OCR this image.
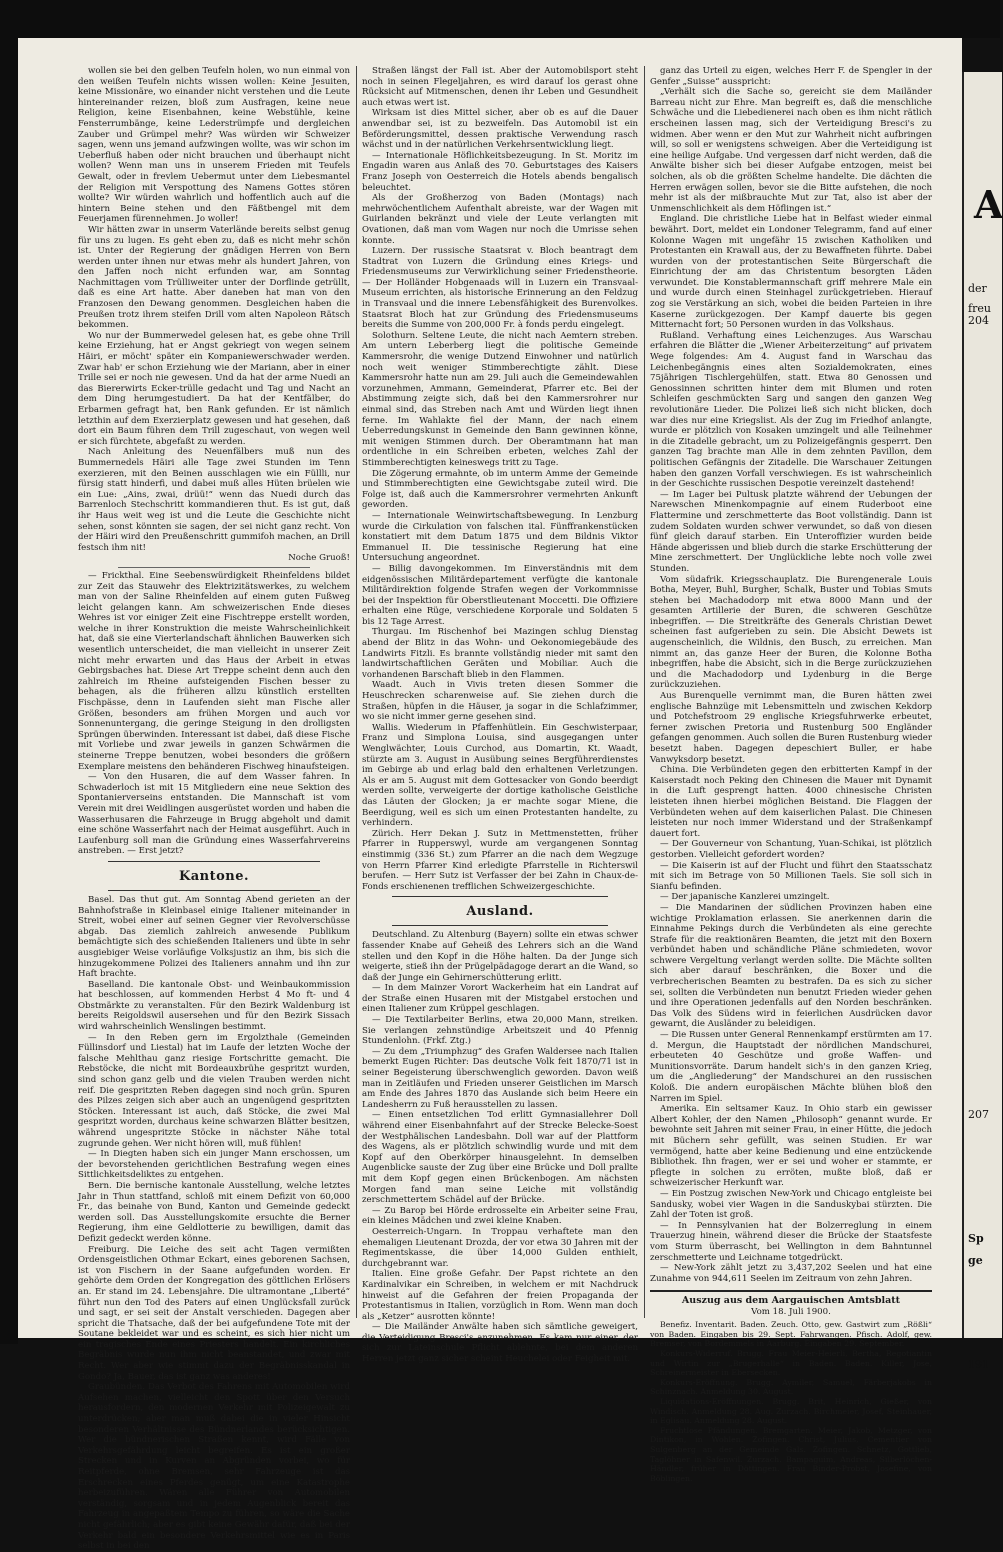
A
der
freu
204
207
Sp
ge
191

wollen sie bei den gelben Teufeln holen, wo nun einmal von den weißen Teufeln nichts wissen wollen: Keine Jesuiten, keine Missionäre, wo einander nicht verstehen und die Leute hintereinander reizen, bloß zum Ausfragen, keine neue Religion, keine Eisenbahnen, keine Webstühle, keine Fensterrumbänge, keine Lederstrümpfe und dergleichen Zauber und Grümpel mehr? Was würden wir Schweizer sagen, wenn uns jemand aufzwingen wollte, was wir schon im Ueberfluß haben oder nicht brauchen und überhaupt nicht wollen? Wenn man uns in unserem Frieden mit Teufels Gewalt, oder in frevlem Uebermut unter dem Liebesmantel der Religion mit Verspottung des Namens Gottes stören wollte? Wir würden wahrlich und hoffentlich auch auf die hintern Beine stehen und den Fäßtbengel mit dem Feuerjamen fürennehmen. Jo woller!

Wir hätten zwar in unserm Vaterlände bereits selbst genug für uns zu lugen. Es geht eben zu, daß es nicht mehr schön ist. Unter der Regierung der gnädigen Herren von Bern werden unter ihnen nur etwas mehr als hundert Jahren, von den Jaffen noch nicht erfunden war, am Sonntag Nachmittagen vom Trülliweiter unter der Dorflinde getrüllt, daß es eine Art hatte. Aber daneben hat man von den Franzosen den Dewang genommen. Desgleichen haben die Preußen trotz ihrem steifen Drill vom alten Napoleon Rätsch bekommen.

Wo nur der Bummerwedel gelesen hat, es gebe ohne Trill keine Erziehung, hat er Angst gekriegt von wegen seinem Häiri, er möcht' später ein Kompaniewerschwader werden. Zwar hab' er schon Erziehung wie der Mariann, aber in einer Trille sei er noch nie gewesen. Und da hat der arme Nuedi an das Biererwirts Ecker-trülle gedacht und Tag und Nacht an dem Ding herumgestudiert. Da hat der Kentfälber, do Erbarmen gefragt hat, ben Rank gefunden. Er ist nämlich letzthin auf dem Exerzierplatz gewesen und hat gesehen, daß dort ein Baum führen dem Trill zugeschaut, von wegen weil er sich fürchtete, abgefaßt zu werden.

Nach Anleitung des Neuenfälbers muß nun des Bummernedels Häiri alle Tage zwei Stunden im Tenn exerzieren, mit den Beinen ausschlagen wie ein Füllli, nur fürsig statt hinderfi, und dabei muß alles Hüten brüelen wie ein Lue: „Ains, zwai, drüü!“ wenn das Nuedi durch das Barrenloch Stechschritt kommandieren thut. Es ist gut, daß ihr Haus weit weg ist und die Leute die Geschichte nicht sehen, sonst könnten sie sagen, der sei nicht ganz recht. Von der Häiri wird den Preußenschritt gummifoh machen, an Drill festsch ihm nit!

Noche Gruoß!

— Frickthal. Eine Seebenswürdigkeit Rheinfeldens bildet zur Zeit das Stauwehr des Elektrizitätswerkes, zu welchem man von der Saline Rheinfelden auf einem guten Fußweg leicht gelangen kann. Am schweizerischen Ende dieses Wehres ist vor einiger Zeit eine Fischtreppe erstellt worden, welche in ihrer Konstruktion die meiste Wahrscheinlichkeit hat, daß sie eine Vierterlandschaft ähnlichen Bauwerken sich wesentlich unterscheidet, die man vielleicht in unserer Zeit nicht mehr erwarten und das Haus der Arbeit in etwas Gebirgsbaches hat. Diese Art Treppe scheint denn auch den zahlreich im Rheine aufsteigenden Fischen besser zu behagen, als die früheren allzu künstlich erstellten Fischpässe, denn in Laufenden sieht man Fische aller Größen, besonders am frühen Morgen und auch vor Sonnenuntergang, die geringe Steigung in den drolligsten Sprüngen überwinden. Interessant ist dabei, daß diese Fische mit Vorliebe und zwar jeweils in ganzen Schwärmen die steinerne Treppe benutzen, wobei besonders die größern Exemplare meistens den behänderen Fischweg hinaufsteigen.

— Von den Husaren, die auf dem Wasser fahren. In Schwaderloch ist mit 15 Mitgliedern eine neue Sektion des Spontanierverseins entstanden. Die Mannschaft ist vom Verein mit drei Weidlingen ausgerüstet worden und haben die Wasserhusaren die Fahrzeuge in Brugg abgeholt und damit eine schöne Wasserfahrt nach der Heimat ausgeführt. Auch in Laufenburg soll man die Gründung eines Wasserfahrvereins anstreben. — Erst jetzt?

Kantone.

Basel. Das thut gut. Am Sonntag Abend gerieten an der Bahnhofstraße in Kleinbasel einige Italiener miteinander in Streit, wobei einer auf seinen Gegner vier Revolverschüsse abgab. Das ziemlich zahlreich anwesende Publikum bemächtigte sich des schießenden Italieners und übte in sehr ausgiebiger Weise vorläufige Volksjustiz an ihm, bis sich die hinzugekommene Polizei des Italieners annahm und ihn zur Haft brachte.

Baselland. Die kantonale Obst- und Weinbaukommission hat beschlossen, auf kommenden Herbst 4 Mo ft- und 4 Obstmärkte zu veranstalten. Für den Bezirk Waldenburg ist bereits Reigoldswil ausersehen und für den Bezirk Sissach wird wahrscheinlich Wenslingen bestimmt.

— In den Reben gern im Ergolzthale (Gemeinden Füllinsdorf und Liestal) hat im Laufe der letzten Woche der falsche Mehlthau ganz riesige Fortschritte gemacht. Die Rebstöcke, die nicht mit Bordeauxbrühe gespritzt wurden, sind schon ganz gelb und die vielen Trauben werden nicht reif. Die gespritzten Reben dagegen sind noch grün. Spuren des Pilzes zeigen sich aber auch an ungenügend gespritzten Stöcken. Interessant ist auch, daß Stöcke, die zwei Mal gespritzt worden, durchaus keine schwarzen Blätter besitzen, während ungespritzte Stöcke in nächster Nähe total zugrunde gehen. Wer nicht hören will, muß fühlen!

— In Diegten haben sich ein junger Mann erschossen, um der bevorstehenden gerichtlichen Bestrafung wegen eines Sittlichkeitsdeliktes zu entgehen.

Bern. Die bernische kantonale Ausstellung, welche letztes Jahr in Thun stattfand, schloß mit einem Defizit von 60,000 Fr., das beinahe von Bund, Kanton und Gemeinde gedeckt werden soll. Das Ausstellungskomite ersuchte die Berner Regierung, ihm eine Geldlotterie zu bewilligen, damit das Defizit gedeckt werden könne.

Freiburg. Die Leiche des seit acht Tagen vermißten Ordensgeistlichen Othmar Eckart, eines geborenen Sachsen, ist von Fischern in der Saane aufgefunden worden. Er gehörte dem Orden der Kongregation des göttlichen Erlösers an. Er stand im 24. Lebensjahre. Die ultramontane „Liberté“ führt nun den Tod des Paters auf einen Unglücksfall zurück und sagt, er sei seit der Anstalt verschieden. Dagegen aber spricht die Thatsache, daß der bei aufgefundene Tote mit der Soutane bekleidet war und es scheint, es sich hier nicht um ein tragisches Ende eines Priesters handelt. Ein kirchliches Begräbnis wurde nun ihm nicht beanstandet, und zwar mit Recht. Wer aber wie stimmt dazu der Begräbnisskandal in Gondo? Ja, Bauer, das ist ganz was anderes!

Graubünden. Das Verbot des Fahrens mit Automobilen wird Aufsehen machen, vielleicht den Spott über den Versuch herausfordern, den modernen Verkehr mit Polizeigewalt zu unterdrücken; aber man muß dabei die in vieler Hinsicht besonderen Verhältnisse des Bündnerlandes berücksichtigen. Wer die bündnerischen Straßen kennt, wird Fälle von Verkehrsgefährdung leicht begreifen. Es ist ein großer Strecken und in Kurven an Abgründen vorbei, wo für Reitpferde, ohne Bremsen, sehr Fahrzeuge ist das Erschrecken eines Pferdes genügt, um eine Katastrophe herbeizuführen. Wären alle Führer von Automobilen verständig, sorgsam und in jedem Augenblick bereit das Fahrzeug in angepaßtem Tempo zu führen, so wäre die Sache nicht gefährlich; aber es gibt keine Gewähr dafür, daß bei der Verkehr bald ein besondere Verkehrsmittel wie es in Paris selbst in bei den

Straßen längst der Fall ist. Aber der Automobilsport steht noch in seinen Flegeljahren, es wird darauf los gerast ohne Rücksicht auf Mitmenschen, denen ihr Leben und Gesundheit auch etwas wert ist.

Wirksam ist dies Mittel sicher, aber ob es auf die Dauer anwendbar sei, ist zu bezweifeln. Das Automobil ist ein Beförderungsmittel, dessen praktische Verwendung rasch wächst und in der natürlichen Verkehrsentwicklung liegt.

— Internationale Höflichkeitsbezeugung. In St. Moritz im Engadin waren aus Anlaß des 70. Geburtstages des Kaisers Franz Joseph von Oesterreich die Hotels abends bengalisch beleuchtet.

Als der Großherzog von Baden (Montags) nach mehrwöchentlichem Aufenthalt abreiste, war der Wagen mit Guirlanden bekränzt und viele der Leute verlangten mit Ovationen, daß man vom Wagen nur noch die Umrisse sehen konnte.

Luzern. Der russische Staatsrat v. Bloch beantragt dem Stadtrat von Luzern die Gründung eines Kriegs- und Friedensmuseums zur Verwirklichung seiner Friedenstheorie. — Der Holländer Hobgenaads will in Luzern ein Transvaal-Museum errichten, als historische Erinnerung an den Feldzug in Transvaal und die innere Lebensfähigkeit des Burenvolkes. Staatsrat Bloch hat zur Gründung des Friedensmuseums bereits die Summe von 200,000 Fr. à fonds perdu eingelegt.

Solothurn. Seltene Leute, die nicht nach Aemtern streben. Am untern Leberberg liegt die politische Gemeinde Kammersrohr, die wenige Dutzend Einwohner und natürlich noch weit weniger Stimmberechtigte zählt. Diese Kammersrohr hatte nun am 29. Juli auch die Gemeindewahlen vorzunehmen, Ammann, Gemeinderat, Pfarrer etc. Bei der Abstimmung zeigte sich, daß bei den Kammersrohrer nur einmal sind, das Streben nach Amt und Würden liegt ihnen ferne. Im Wahlakte fiel der Mann, der nach einem Ueberredungskunst in Gemeinde den Bann gewinnen könne, mit wenigen Stimmen durch. Der Oberamtmann hat man ordentliche in ein Schreiben erbeten, welches Zahl der Stimmberechtigten keineswegs tritt zu Tage.

Die Zögerung ermahnte, ob im unterm Amme der Gemeinde und Stimmberechtigten eine Gewichtsgabe zuteil wird. Die Folge ist, daß auch die Kammersrohrer vermehrten Ankunft geworden.

— Internationale Weinwirtschaftsbewegung. In Lenzburg wurde die Cirkulation von falschen ital. Fünffrankenstücken konstatiert mit dem Datum 1875 und dem Bildnis Viktor Emmanuel II. Die tessinische Regierung hat eine Untersuchung angeordnet.

— Billig davongekommen. Im Einverständnis mit dem eidgenössischen Militärdepartement verfügte die kantonale Militärdirektion folgende Strafen wegen der Vorkommnisse bei der Inspektion für Oberstlieutenant Moccetti. Die Offiziere erhalten eine Rüge, verschiedene Korporale und Soldaten 5 bis 12 Tage Arrest.

Thurgau. Im Rischenhof bei Mazingen schlug Dienstag abend der Blitz in das Wohn- und Oekonomiegebäude des Landwirts Fitzli. Es brannte vollständig nieder mit samt den landwirtschaftlichen Geräten und Mobiliar. Auch die vorhandenen Barschaft blieb in den Flammen.

Waadt. Auch in Vivis treten diesen Sommer die Heuschrecken scharenweise auf. Sie ziehen durch die Straßen, hüpfen in die Häuser, ja sogar in die Schlafzimmer, wo sie nicht immer gerne gesehen sind.

Wallis. Wiederum in Pfaffenhütlein. Ein Geschwisterpaar, Franz und Simplona Louisa, sind ausgegangen unter Wenglwächter, Louis Curchod, aus Domartin, Kt. Waadt, stürzte am 3. August in Ausübung seines Bergführerdienstes im Gebirge ab und erlag bald den erhaltenen Verletzungen. Als er am 5. August mit dem Gottesacker von Gondo beerdigt werden sollte, verweigerte der dortige katholische Geistliche das Läuten der Glocken; ja er machte sogar Miene, die Beerdigung, weil es sich um einen Protestanten handelte, zu verhindern.

Zürich. Herr Dekan J. Sutz in Mettmenstetten, früher Pfarrer in Rupperswyl, wurde am vergangenen Sonntag einstimmig (336 St.) zum Pfarrer an die nach dem Wegzuge von Herrn Pfarrer Kind erledigte Pfarrstelle in Richterswil berufen. — Herr Sutz ist Verfasser der bei Zahn in Chaux-de-Fonds erschienenen trefflichen Schweizergeschichte.

Ausland.

Deutschland. Zu Altenburg (Bayern) sollte ein etwas schwer fassender Knabe auf Geheiß des Lehrers sich an die Wand stellen und den Kopf in die Höhe halten. Da der Junge sich weigerte, stieß ihn der Prügelpädagoge derart an die Wand, so daß der Junge ein Gehirnerschütterung erlitt.

— In dem Mainzer Vorort Wackerheim hat ein Landrat auf der Straße einen Husaren mit der Mistgabel erstochen und einen Italiener zum Krüppel geschlagen.

— Die Textilarbeiter Berlins, etwa 20,000 Mann, streiken. Sie verlangen zehnstündige Arbeitszeit und 40 Pfennig Stundenlohn. (Frkf. Ztg.)

— Zu dem „Triumphzug“ des Grafen Waldersee nach Italien bemerkt Eugen Richter: Das deutsche Volk feit 1870/71 ist in seiner Begeisterung überschwenglich geworden. Davon weiß man in Zeitläufen und Frieden unserer Geistlichen im Marsch am Ende des Jahres 1870 das Auslande sich beim Heere ein Landesherrn zu Fuß herausstellen zu lassen.

— Einen entsetzlichen Tod erlitt Gymnasiallehrer Doll während einer Eisenbahnfahrt auf der Strecke Belecke-Soest der Westphälischen Landesbahn. Doll war auf der Plattform des Wagens, als er plötzlich schwindlig wurde und mit dem Kopf auf den Oberkörper hinausgelehnt. In demselben Augenblicke sauste der Zug über eine Brücke und Doll prallte mit dem Kopf gegen einen Brückenbogen. Am nächsten Morgen fand man seine Leiche mit vollständig zerschmettertem Schädel auf der Brücke.

— Zu Barop bei Hörde erdrosselte ein Arbeiter seine Frau, ein kleines Mädchen und zwei kleine Knaben.

Oesterreich-Ungarn. In Troppau verhaftete man den ehemaligen Lieutenant Drozda, der vor etwa 30 Jahren mit der Regimentskasse, die über 14,000 Gulden enthielt, durchgebrannt war.

Italien. Eine große Gefahr. Der Papst richtete an den Kardinalvikar ein Schreiben, in welchem er mit Nachdruck hinweist auf die Gefahren der freien Propaganda der Protestantismus in Italien, vorzüglich in Rom. Wenn man doch als „Ketzer“ ausrotten könnte!

— Die Mailänder Anwälte haben sich sämtliche geweigert, die Verteidigung Bresci's anzunehmen. Es kam nur einer, der sich zur Lateinschule Pflicht ablehnte, bei dem anderen Herren jetzt ganz sicher scheint Heuchelei oder Feigheit mit.

ganz das Urteil zu eigen, welches Herr F. de Spengler in der Genfer „Suisse“ ausspricht:

„Verhält sich die Sache so, gereicht sie dem Mailänder Barreau nicht zur Ehre. Man begreift es, daß die menschliche Schwäche und die Liebedienerei nach oben es ihm nicht rätlich erscheinen lassen mag, sich der Verteidigung Bresci's zu widmen. Aber wenn er den Mut zur Wahrheit nicht aufbringen will, so soll er wenigstens schweigen. Aber die Verteidigung ist eine heilige Aufgabe. Und vergessen darf nicht werden, daß die Anwälte bisher sich bei dieser Aufgabe entzogen, meist bei solchen, als ob die größten Schelme handelte. Die dächten die Herren erwägen sollen, bevor sie die Bitte aufstehen, die noch mehr ist als der mißbrauchte Mut zur Tat, also ist aber der Unmenschlichkeit als dem Höflingen ist.“

England. Die christliche Liebe hat in Belfast wieder einmal bewährt. Dort, meldet ein Londoner Telegramm, fand auf einer Kolonne Wagen mit ungefähr 15 zwischen Katholiken und Protestanten ein Krawall aus, der zu Bewaffneten führte. Dabei wurden von der protestantischen Seite Bürgerschaft die Einrichtung der am das Christentum besorgten Läden verwundet. Die Konstablermannschaft griff mehrere Male ein und wurde durch einen Steinhagel zurückgetrieben. Hierauf zog sie Verstärkung an sich, wobei die beiden Parteien in ihre Kaserne zurückgezogen. Der Kampf dauerte bis gegen Mitternacht fort; 50 Personen wurden in das Volkshaus.

Rußland. Verhaftung eines Leichenzuges. Aus Warschau erfahren die Blätter die „Wiener Arbeiterzeitung“ auf privatem Wege folgendes: Am 4. August fand in Warschau das Leichenbegängnis eines alten Sozialdemokraten, eines 75jährigen Tischlergehülfen, statt. Etwa 80 Genossen und Genossinnen schritten hinter dem mit Blumen und roten Schleifen geschmückten Sarg und sangen den ganzen Weg revolutionäre Lieder. Die Polizei ließ sich nicht blicken, doch war dies nur eine Kriegslist. Als der Zug im Friedhof anlangte, wurde er plötzlich von Kosaken umzingelt und alle Teilnehmer in die Zitadelle gebracht, um zu Polizeigefängnis gesperrt. Den ganzen Tag brachte man Alle in dem zehnten Pavillon, dem politischen Gefängnis der Zitadelle. Die Warschauer Zeitungen haben den ganzen Vorfall verschwiegen. Es ist wahrscheinlich in der Geschichte russischen Despotie vereinzelt dastehend!

— Im Lager bei Pultusk platzte während der Uebungen der Narewschen Minenkompagnie auf einem Ruderboot eine Flattermine und zerschmetterte das Boot vollständig. Dann ist zudem Soldaten wurden schwer verwundet, so daß von diesen fünf gleich darauf starben. Ein Unteroffizier wurden beide Hände abgerissen und blieb durch die starke Erschütterung der Mine zerschmettert. Der Unglückliche lebte noch volle zwei Stunden.

Vom südafrik. Kriegsschauplatz. Die Burengenerale Louis Botha, Meyer, Buhl, Burgher, Schalk, Buster und Tobias Smuts stehen bei Machadodorp mit etwa 8000 Mann und der gesamten Artillerie der Buren, die schweren Geschütze inbegriffen. — Die Streitkräfte des Generals Christian Dewet scheinen fast aufgerieben zu sein. Die Absicht Dewets ist augenscheinlich, die Wildnis, den Busch, zu erreichen. Man nimmt an, das ganze Heer der Buren, die Kolonne Botha inbegriffen, habe die Absicht, sich in die Berge zurückzuziehen und die Machadodorp und Lydenburg in die Berge zurückzuziehen.

Aus Burenquelle vernimmt man, die Buren hätten zwei englische Bahnzüge mit Lebensmitteln und zwischen Kekdorp und Potchefstroom 29 englische Kriegsfuhrwerke erbeutet, ferner zwischen Pretoria und Rustenburg 500 Engländer gefangen genommen. Auch sollen die Buren Rustenburg wieder besetzt haben. Dagegen depeschiert Buller, er habe Vanwyksdorp besetzt.

China. Die Verbündeten gegen den erbitterten Kampf in der Kaiserstadt noch Peking den Chinesen die Mauer mit Dynamit in die Luft gesprengt hatten. 4000 chinesische Christen leisteten ihnen hierbei möglichen Beistand. Die Flaggen der Verbündeten wehen auf dem kaiserlichen Palast. Die Chinesen leisteten nur noch immer Widerstand und der Straßenkampf dauert fort.

— Der Gouverneur von Schantung, Yuan-Schikai, ist plötzlich gestorben. Vielleicht gefordert worden?

— Die Kaiserin ist auf der Flucht und führt den Staatsschatz mit sich im Betrage von 50 Millionen Taels. Sie soll sich in Sianfu befinden.

— Der japanische Kanzlerei umzingelt.

— Die Mandarinen der südlichen Provinzen haben eine wichtige Proklamation erlassen. Sie anerkennen darin die Einnahme Pekings durch die Verbündeten als eine gerechte Strafe für die reaktionären Beamten, die jetzt mit den Boxern verbündet haben und schändliche Pläne schmiedeten, wovor schwere Vergeltung verlangt werden sollte. Die Mächte sollten sich aber darauf beschränken, die Boxer und die verbrecherischen Beamten zu bestrafen. Da es sich zu sicher sei, sollten die Verbündeten nun benutzt Frieden wieder gehen und ihre Operationen jedenfalls auf den Norden beschränken. Das Volk des Südens wird in feierlichen Ausdrücken davor gewarnt, die Ausländer zu beleidigen.

— Die Russen unter General Rennenkampf erstürmten am 17. d. Mergun, die Hauptstadt der nördlichen Mandschurei, erbeuteten 40 Geschütze und große Waffen- und Munitionsvorräte. Darum handelt sich's in den ganzen Krieg, um die „Angliederung“ der Mandschurei an den russischen Koloß. Die andern europäischen Mächte blühen bloß den Narren im Spiel.

Amerika. Ein seltsamer Kauz. In Ohio starb ein gewisser Albert Kohler, der den Namen „Philosoph“ genannt wurde. Er bewohnte seit Jahren mit seiner Frau, in einer Hütte, die jedoch mit Büchern sehr gefüllt, was seinen Studien. Er war vermögend, hatte aber keine Bedienung und eine entzückende Bibliothek. Ihn fragen, wer er sei und woher er stammte, er pflegte in solchen zu erröten, mußte bloß, daß er schweizerischer Herkunft war.

— Ein Postzug zwischen New-York und Chicago entgleiste bei Sandusky, wobei vier Wagen in die Sanduskybai stürzten. Die Zahl der Toten ist groß.

— In Pennsylvanien hat der Bolzerreglung in einem Trauerzug hinein, während dieser die Brücke der Staatsfeste vom Sturm überrascht, bei Wellington in dem Bahntunnel zerschmetterte und Leichname totgedrückt.

— New-York zählt jetzt zu 3,437,202 Seelen und hat eine Zunahme von 944,611 Seelen im Zeitraum von zehn Jahren.

Auszug aus dem Aargauischen Amtsblatt
Vom 18. Juli 1900.

Benefiz. Inventarit. Baden. Zeuch. Otto, gew. Gastwirt zum „Rößli“ von Baden. Eingaben bis 29. Sept. Fahrwangen. Pfisch. Adolf, gew. Bremser, von Bordemmels in Aarburg. Eingaben 29. September.

Konkurs-Widerruf. Brugg. Frau Meier-Heierli, Bertha, Regotiantin und Wirtin zur „Brugerhalle“ in Baden. Baden. Killer, Jose, Schreinermeister in Ebersecken.

Konkurs-Eröffnung. Brugg. Aymiler, Samuel, Färberjakobs in Schinznach. Anmeldung 30. August.

Liquidations-Eröffnungen. Brugg. Brit, Heinrich, Gießer, von Windisch. Anmeldung 28. Aug. Zurzach. Birchmeier, Josef, Steinhauer, in Eglisau. Anmeldung 28. August.

Fruchtlose Pfändungen. Bremgarten. Meier, Jakob, Metzger, von Dintikon, in Wohlen. Zofingen. Christ, Julius, Cementier von Sulgenberg an der Gemeinde Gals. Zofingen. Schnetz, Gottlieb, Taglöhner in Safenwil. Zurzach. Bampaguim, Andreas, Silberlöchen-Händler, früher in Döttingen. Frau Binder-Probst, Josefine, von Böblingen.
